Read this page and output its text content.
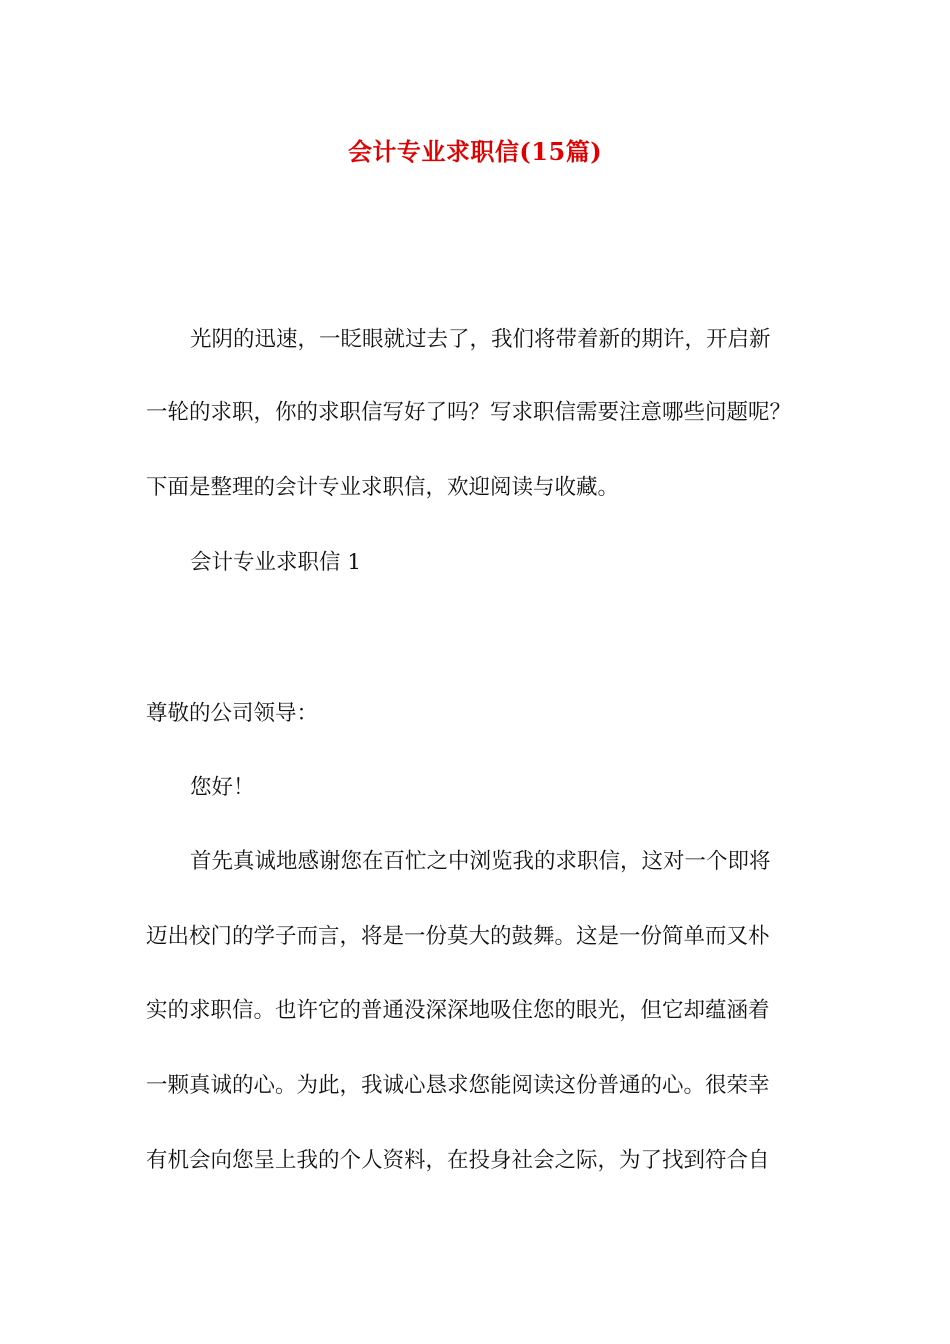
会计专业求职信(15篇)

光阴的迅速，一眨眼就过去了，我们将带着新的期许，开启新

一轮的求职，你的求职信写好了吗？写求职信需要注意哪些问题呢？

下面是整理的会计专业求职信，欢迎阅读与收藏。

会计专业求职信 1

尊敬的公司领导：

您好！

首先真诚地感谢您在百忙之中浏览我的求职信，这对一个即将

迈出校门的学子而言，将是一份莫大的鼓舞。这是一份简单而又朴

实的求职信。也许它的普通没深深地吸住您的眼光，但它却蕴涵着

一颗真诚的心。为此，我诚心恳求您能阅读这份普通的心。很荣幸

有机会向您呈上我的个人资料，在投身社会之际，为了找到符合自
